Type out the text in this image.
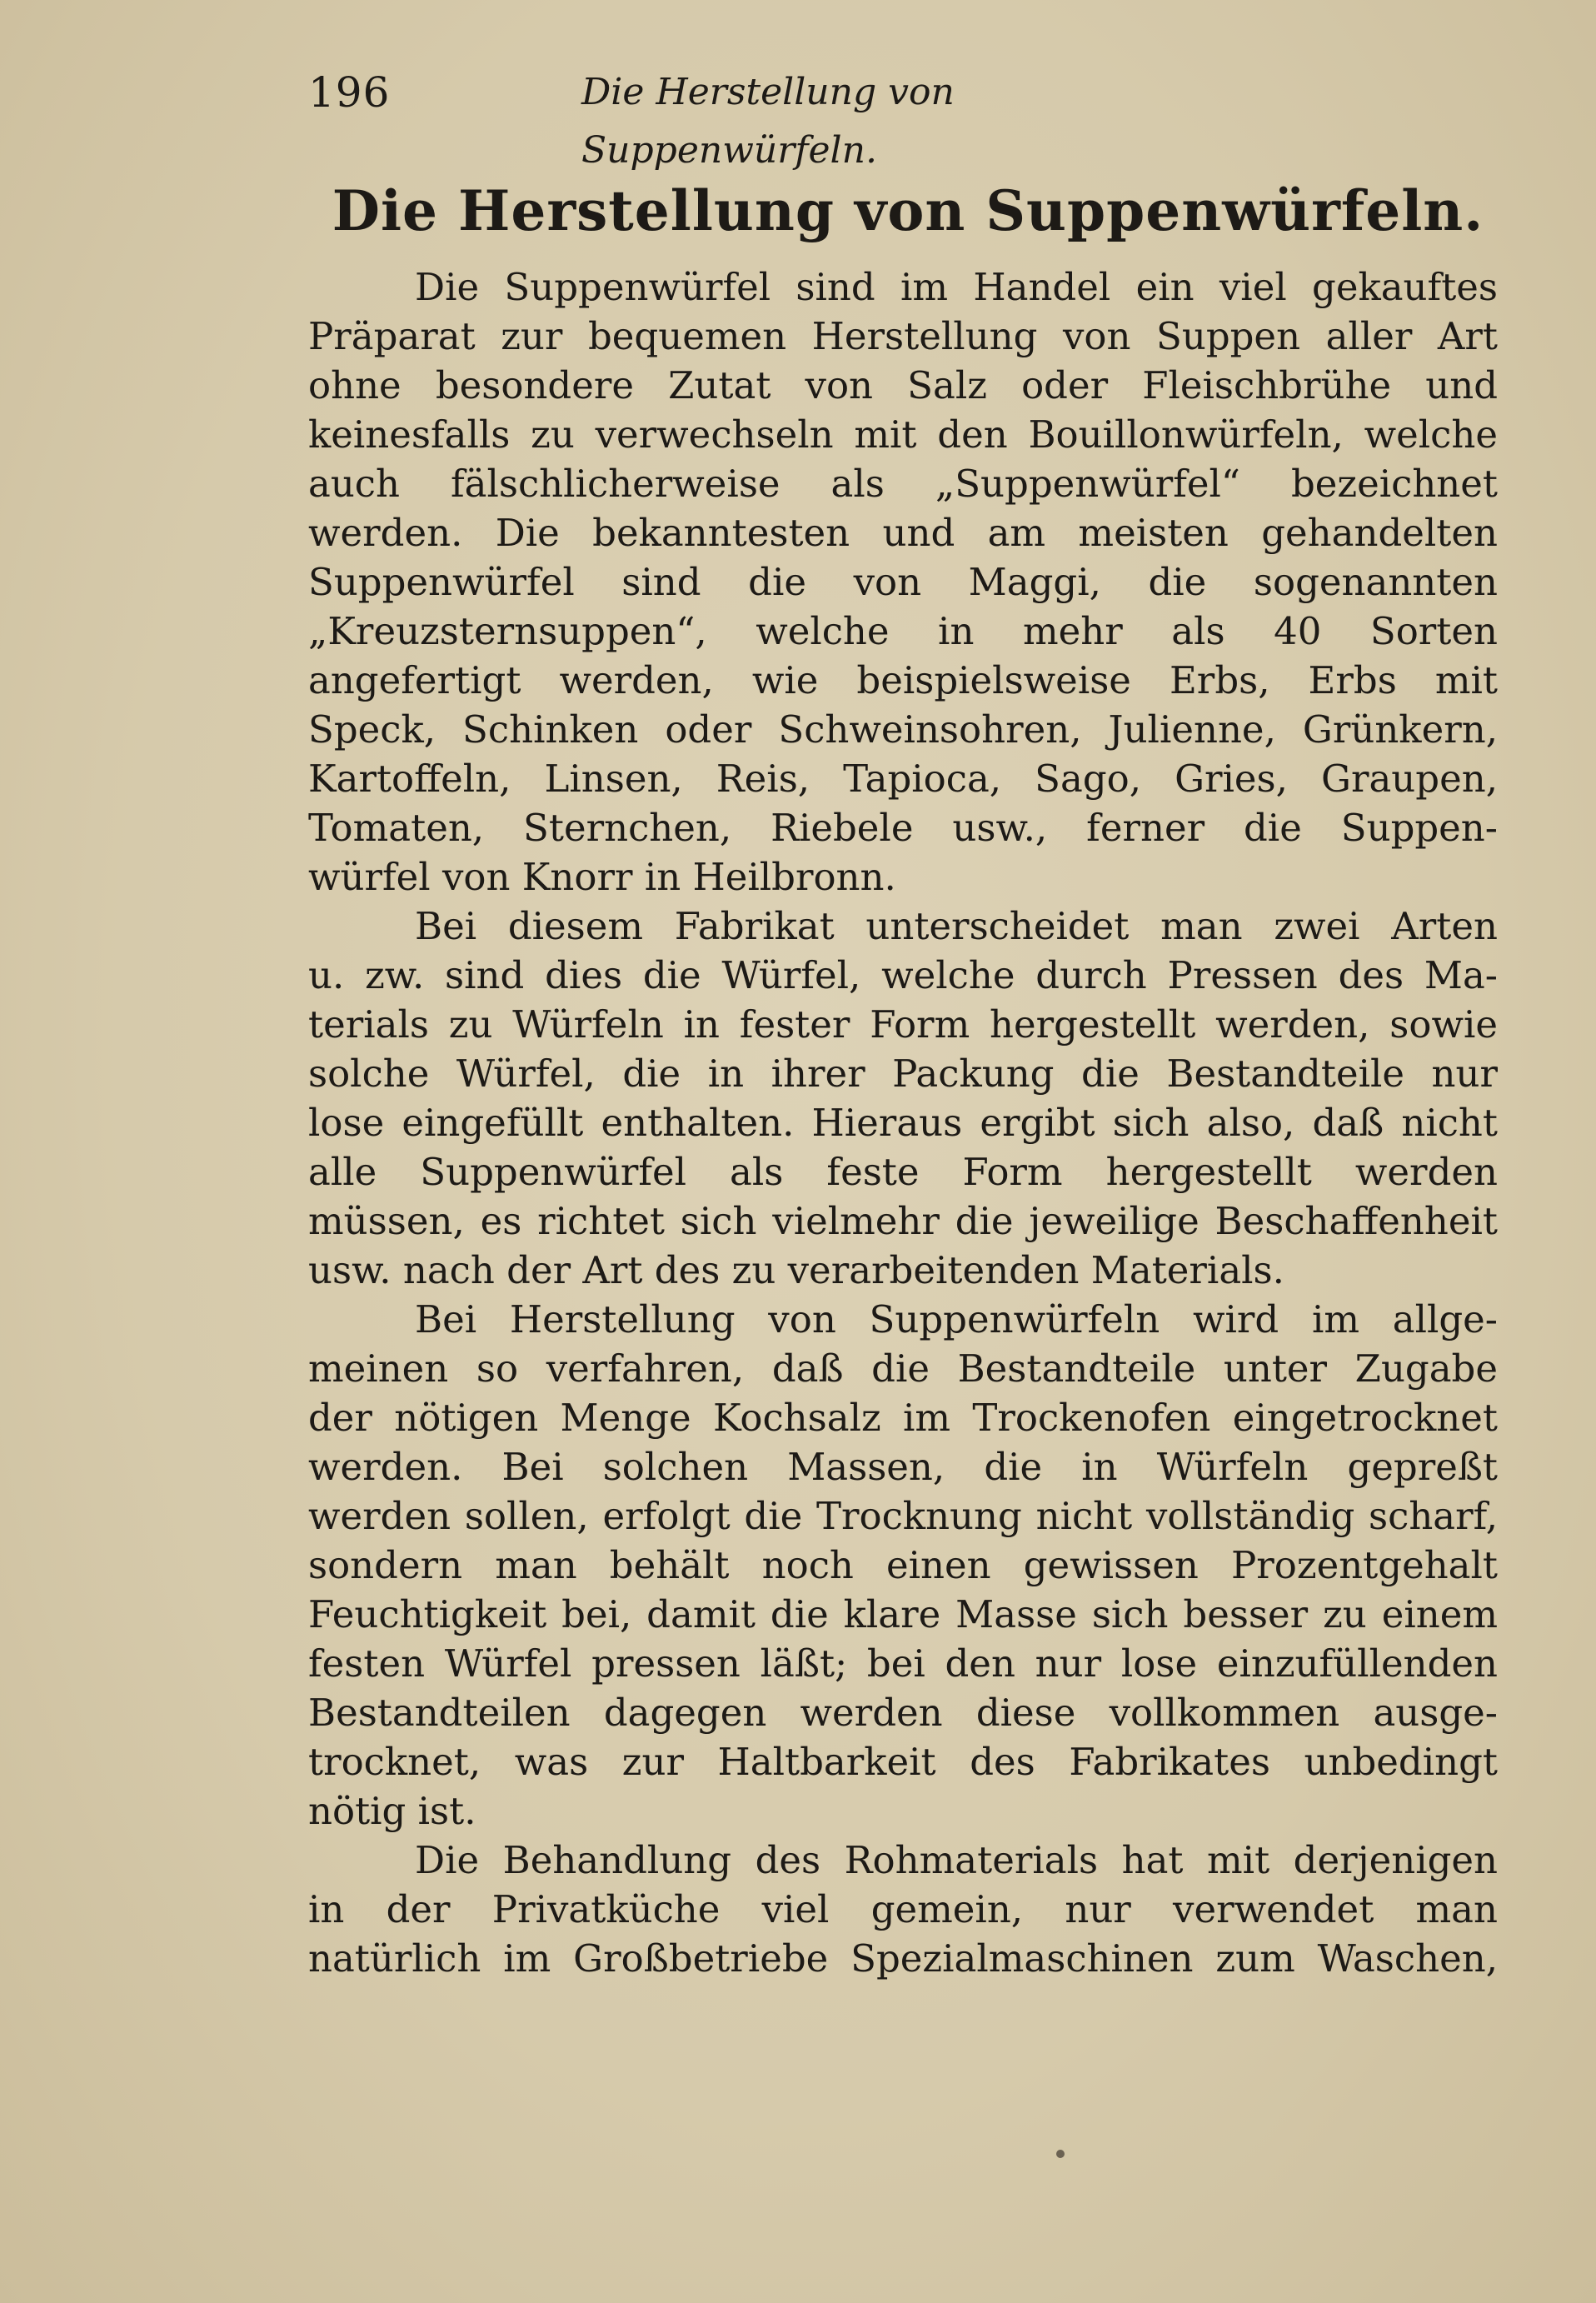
196	Die Herstellung von Suppenwürfeln.
Die Herstellung von Suppenwürfeln.
Die Suppenwürfel sind im Handel ein viel gekauftes
Präparat zur bequemen Herstellung von Suppen aller Art
ohne besondere Zutat von Salz oder Fleischbrühe und
keinesfalls zu verwechseln mit den Bouillonwürfeln, welche
auch fälschlicherweise als „Suppenwürfel“ bezeichnet
werden. Die bekanntesten und am meisten gehandelten
Suppenwürfel sind die von Maggi, die sogenannten
„Kreuzsternsuppen“, welche in mehr als 40 Sorten
angefertigt werden, wie beispielsweise Erbs, Erbs mit
Speck, Schinken oder Schweinsohren, Julienne, Grünkern,
Kartoffeln, Linsen, Reis, Tapioca, Sago, Gries, Graupen,
Tomaten, Sternchen, Riebele usw., ferner die Suppen-
würfel von Knorr in Heilbronn.
Bei diesem Fabrikat unterscheidet man zwei Arten
u. zw. sind dies die Würfel, welche durch Pressen des Ma-
terials zu Würfeln in fester Form hergestellt werden, sowie
solche Würfel, die in ihrer Packung die Bestandteile nur
lose eingefüllt enthalten. Hieraus ergibt sich also, daß nicht
alle Suppenwürfel als feste Form hergestellt werden
müssen, es richtet sich vielmehr die jeweilige Beschaffenheit
usw. nach der Art des zu verarbeitenden Materials.
Bei Herstellung von Suppenwürfeln wird im allge-
meinen so verfahren, daß die Bestandteile unter Zugabe
der nötigen Menge Kochsalz im Trockenofen eingetrocknet
werden. Bei solchen Massen, die in Würfeln gepreßt
werden sollen, erfolgt die Trocknung nicht vollständig scharf,
sondern man behält noch einen gewissen Prozentgehalt
Feuchtigkeit bei, damit die klare Masse sich besser zu einem
festen Würfel pressen läßt; bei den nur lose einzufüllenden
Bestandteilen dagegen werden diese vollkommen ausge-
trocknet, was zur Haltbarkeit des Fabrikates unbedingt
nötig ist.
Die Behandlung des Rohmaterials hat mit derjenigen
in der Privatküche viel gemein, nur verwendet man
natürlich im Großbetriebe Spezialmaschinen zum Waschen,
